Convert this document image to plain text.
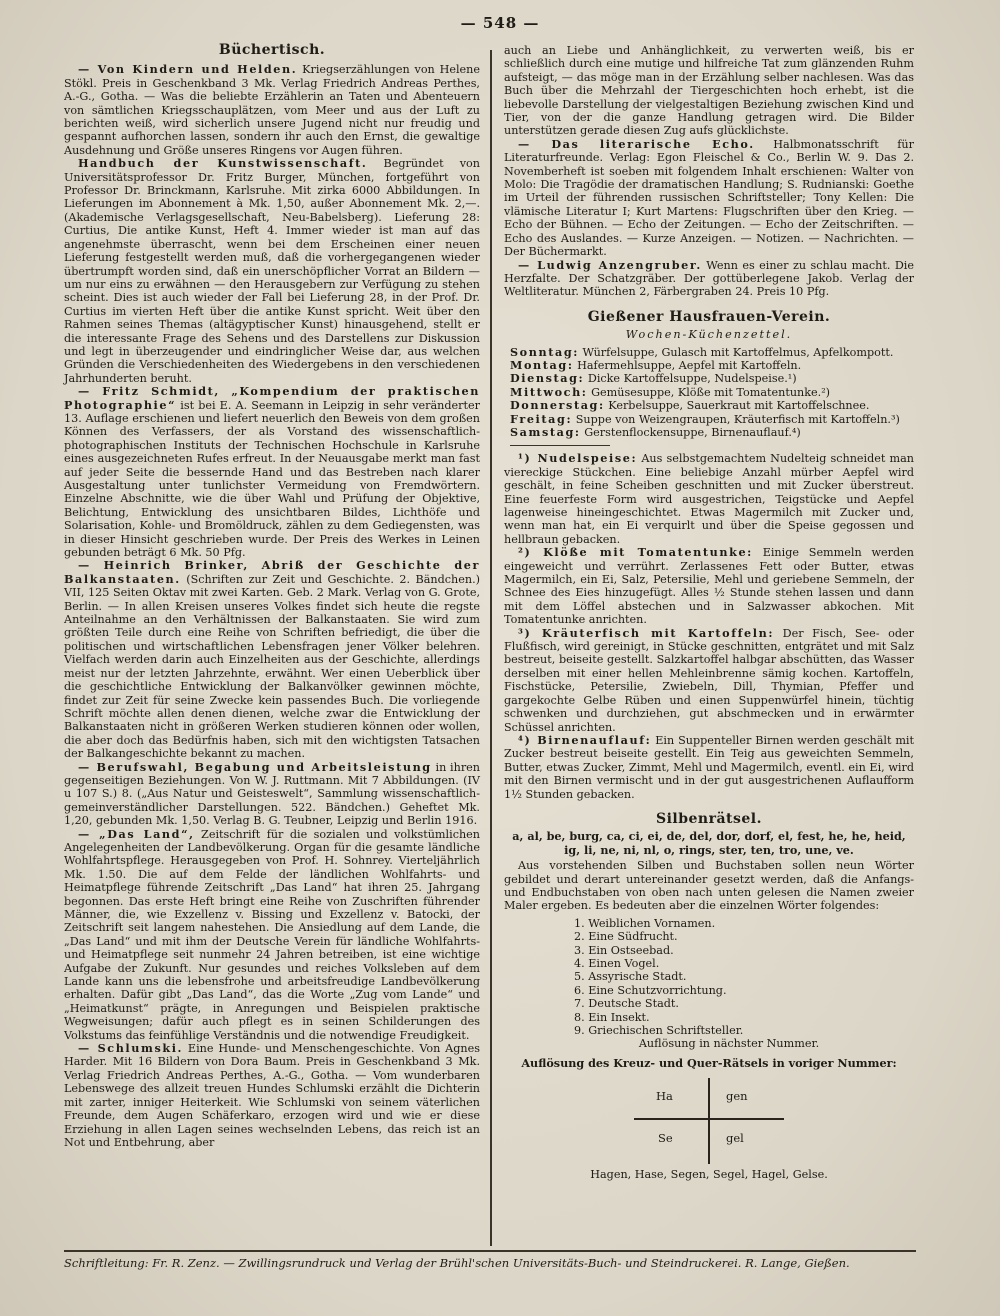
— 548 —
Büchertisch.

— Von Kindern und Helden. Kriegserzählungen von Helene Stökl. Preis in Geschenkband 3 Mk. Verlag Friedrich Andreas Perthes, A.-G., Gotha. — Was die beliebte Erzählerin an Taten und Abenteuern von sämtlichen Kriegsschauplätzen, vom Meer und aus der Luft zu berichten weiß, wird sicherlich unsere Jugend nicht nur freudig und gespannt aufhorchen lassen, sondern ihr auch den Ernst, die gewaltige Ausdehnung und Größe unseres Ringens vor Augen führen.

Handbuch der Kunstwissenschaft. Begründet von Universitätsprofessor Dr. Fritz Burger, München, fortgeführt von Professor Dr. Brinckmann, Karlsruhe. Mit zirka 6000 Abbildungen. In Lieferungen im Abonnement à Mk. 1,50, außer Abonnement Mk. 2,—. (Akademische Verlagsgesellschaft, Neu-Babelsberg). Lieferung 28: Curtius, Die antike Kunst, Heft 4. Immer wieder ist man auf das angenehmste überrascht, wenn bei dem Erscheinen einer neuen Lieferung festgestellt werden muß, daß die vorhergegangenen wieder übertrumpft worden sind, daß ein unerschöpflicher Vorrat an Bildern — um nur eins zu erwähnen — den Herausgebern zur Verfügung zu stehen scheint. Dies ist auch wieder der Fall bei Lieferung 28, in der Prof. Dr. Curtius im vierten Heft über die antike Kunst spricht. Weit über den Rahmen seines Themas (altägyptischer Kunst) hinausgehend, stellt er die interessante Frage des Sehens und des Darstellens zur Diskussion und legt in überzeugender und eindringlicher Weise dar, aus welchen Gründen die Verschiedenheiten des Wiedergebens in den verschiedenen Jahrhunderten beruht.

— Fritz Schmidt, „Kompendium der praktischen Photographie“ ist bei E. A. Seemann in Leipzig in sehr veränderter 13. Auflage erschienen und liefert neuerlich den Beweis von dem großen Können des Verfassers, der als Vorstand des wissenschaftlich-photographischen Instituts der Technischen Hochschule in Karlsruhe eines ausgezeichneten Rufes erfreut. In der Neuausgabe merkt man fast auf jeder Seite die bessernde Hand und das Bestreben nach klarer Ausgestaltung unter tunlichster Vermeidung von Fremdwörtern. Einzelne Abschnitte, wie die über Wahl und Prüfung der Objektive, Belichtung, Entwicklung des unsichtbaren Bildes, Lichthöfe und Solarisation, Kohle- und Bromöldruck, zählen zu dem Gediegensten, was in dieser Hinsicht geschrieben wurde. Der Preis des Werkes in Leinen gebunden beträgt 6 Mk. 50 Pfg.

— Heinrich Brinker, Abriß der Geschichte der Balkanstaaten. (Schriften zur Zeit und Geschichte. 2. Bändchen.) VII, 125 Seiten Oktav mit zwei Karten. Geb. 2 Mark. Verlag von G. Grote, Berlin. — In allen Kreisen unseres Volkes findet sich heute die regste Anteilnahme an den Verhältnissen der Balkanstaaten. Sie wird zum größten Teile durch eine Reihe von Schriften befriedigt, die über die politischen und wirtschaftlichen Lebensfragen jener Völker belehren. Vielfach werden darin auch Einzelheiten aus der Geschichte, allerdings meist nur der letzten Jahrzehnte, erwähnt. Wer einen Ueberblick über die geschichtliche Entwicklung der Balkanvölker gewinnen möchte, findet zur Zeit für seine Zwecke kein passendes Buch. Die vorliegende Schrift möchte allen denen dienen, welche zwar die Entwicklung der Balkanstaaten nicht in größeren Werken studieren können oder wollen, die aber doch das Bedürfnis haben, sich mit den wichtigsten Tatsachen der Balkangeschichte bekannt zu machen.

— Berufswahl, Begabung und Arbeitsleistung in ihren gegenseitigen Beziehungen. Von W. J. Ruttmann. Mit 7 Abbildungen. (IV u 107 S.) 8. („Aus Natur und Geisteswelt“, Sammlung wissenschaftlich-gemeinverständlicher Darstellungen. 522. Bändchen.) Geheftet Mk. 1,20, gebunden Mk. 1,50. Verlag B. G. Teubner, Leipzig und Berlin 1916.

— „Das Land“, Zeitschrift für die sozialen und volkstümlichen Angelegenheiten der Landbevölkerung. Organ für die gesamte ländliche Wohlfahrtspflege. Herausgegeben von Prof. H. Sohnrey. Vierteljährlich Mk. 1.50. Die auf dem Felde der ländlichen Wohlfahrts- und Heimatpflege führende Zeitschrift „Das Land“ hat ihren 25. Jahrgang begonnen. Das erste Heft bringt eine Reihe von Zuschriften führender Männer, die, wie Exzellenz v. Bissing und Exzellenz v. Batocki, der Zeitschrift seit langem nahestehen. Die Ansiedlung auf dem Lande, die „Das Land“ und mit ihm der Deutsche Verein für ländliche Wohlfahrts- und Heimatpflege seit nunmehr 24 Jahren betreiben, ist eine wichtige Aufgabe der Zukunft. Nur gesundes und reiches Volksleben auf dem Lande kann uns die lebensfrohe und arbeitsfreudige Landbevölkerung erhalten. Dafür gibt „Das Land“, das die Worte „Zug vom Lande“ und „Heimatkunst“ prägte, in Anregungen und Beispielen praktische Wegweisungen; dafür auch pflegt es in seinen Schilderungen des Volkstums das feinfühlige Verständnis und die notwendige Freudigkeit.

— Schlumski. Eine Hunde- und Menschengeschichte. Von Agnes Harder. Mit 16 Bildern von Dora Baum. Preis in Geschenkband 3 Mk. Verlag Friedrich Andreas Perthes, A.-G., Gotha. — Vom wunderbaren Lebenswege des allzeit treuen Hundes Schlumski erzählt die Dichterin mit zarter, inniger Heiterkeit. Wie Schlumski von seinem väterlichen Freunde, dem Augen Schäferkaro, erzogen wird und wie er diese Erziehung in allen Lagen seines wechselnden Lebens, das reich ist an Not und Entbehrung, aber

auch an Liebe und Anhänglichkeit, zu verwerten weiß, bis er schließlich durch eine mutige und hilfreiche Tat zum glänzenden Ruhm aufsteigt, — das möge man in der Erzählung selber nachlesen. Was das Buch über die Mehrzahl der Tiergeschichten hoch erhebt, ist die liebevolle Darstellung der vielgestaltigen Beziehung zwischen Kind und Tier, von der die ganze Handlung getragen wird. Die Bilder unterstützen gerade diesen Zug aufs glücklichste.

— Das literarische Echo. Halbmonatsschrift für Literaturfreunde. Verlag: Egon Fleischel & Co., Berlin W. 9. Das 2. Novemberheft ist soeben mit folgendem Inhalt erschienen: Walter von Molo: Die Tragödie der dramatischen Handlung; S. Rudnianski: Goethe im Urteil der führenden russischen Schriftsteller; Tony Kellen: Die vlämische Literatur I; Kurt Martens: Flugschriften über den Krieg. — Echo der Bühnen. — Echo der Zeitungen. — Echo der Zeitschriften. — Echo des Auslandes. — Kurze Anzeigen. — Notizen. — Nachrichten. — Der Büchermarkt.

— Ludwig Anzengruber. Wenn es einer zu schlau macht. Die Herzfalte. Der Schatzgräber. Der gottüberlegene Jakob. Verlag der Weltliteratur. München 2, Färbergraben 24. Preis 10 Pfg.

Gießener Hausfrauen-Verein.
Wochen-Küchenzettel.

Sonntag: Würfelsuppe, Gulasch mit Kartoffelmus, Apfelkompott.

Montag: Hafermehlsuppe, Aepfel mit Kartoffeln.

Dienstag: Dicke Kartoffelsuppe, Nudelspeise.¹)

Mittwoch: Gemüsesuppe, Klöße mit Tomatentunke.²)

Donnerstag: Kerbelsuppe, Sauerkraut mit Kartoffelschnee.

Freitag: Suppe von Weizengraupen, Kräuterfisch mit Kartoffeln.³)

Samstag: Gerstenflockensuppe, Birnenauflauf.⁴)

¹) Nudelspeise: Aus selbstgemachtem Nudelteig schneidet man viereckige Stückchen. Eine beliebige Anzahl mürber Aepfel wird geschält, in feine Scheiben geschnitten und mit Zucker überstreut. Eine feuerfeste Form wird ausgestrichen, Teigstücke und Aepfel lagenweise hineingeschichtet. Etwas Magermilch mit Zucker und, wenn man hat, ein Ei verquirlt und über die Speise gegossen und hellbraun gebacken.

²) Klöße mit Tomatentunke: Einige Semmeln werden eingeweicht und verrührt. Zerlassenes Fett oder Butter, etwas Magermilch, ein Ei, Salz, Petersilie, Mehl und geriebene Semmeln, der Schnee des Eies hinzugefügt. Alles ½ Stunde stehen lassen und dann mit dem Löffel abstechen und in Salzwasser abkochen. Mit Tomatentunke anrichten.

³) Kräuterfisch mit Kartoffeln: Der Fisch, See- oder Flußfisch, wird gereinigt, in Stücke geschnitten, entgrätet und mit Salz bestreut, beiseite gestellt. Salzkartoffel halbgar abschütten, das Wasser derselben mit einer hellen Mehleinbrenne sämig kochen. Kartoffeln, Fischstücke, Petersilie, Zwiebeln, Dill, Thymian, Pfeffer und gargekochte Gelbe Rüben und einen Suppenwürfel hinein, tüchtig schwenken und durchziehen, gut abschmecken und in erwärmter Schüssel anrichten.

⁴) Birnenauflauf: Ein Suppenteller Birnen werden geschält mit Zucker bestreut beiseite gestellt. Ein Teig aus geweichten Semmeln, Butter, etwas Zucker, Zimmt, Mehl und Magermilch, eventl. ein Ei, wird mit den Birnen vermischt und in der gut ausgestrichenen Auflaufform 1½ Stunden gebacken.

Silbenrätsel.
a, al, be, burg, ca, ci, ei, de, del, dor, dorf, el, fest, he, he, heid, ig, li, ne, ni, nl, o, rings, ster, ten, tro, une, ve.

Aus vorstehenden Silben und Buchstaben sollen neun Wörter gebildet und derart untereinander gesetzt werden, daß die Anfangs- und Endbuchstaben von oben nach unten gelesen die Namen zweier Maler ergeben. Es bedeuten aber die einzelnen Wörter folgendes:

1. Weiblichen Vornamen.
2. Eine Südfrucht.
3. Ein Ostseebad.
4. Einen Vogel.
5. Assyrische Stadt.
6. Eine Schutzvorrichtung.
7. Deutsche Stadt.
8. Ein Insekt.
9. Griechischen Schriftsteller.
Auflösung in nächster Nummer.
Auflösung des Kreuz- und Quer-Rätsels in voriger Nummer:
Ha	gen
Se	gel
Hagen, Hase, Segen, Segel, Hagel, Gelse.
Schriftleitung: Fr. R. Zenz. — Zwillingsrundruck und Verlag der Brühl'schen Universitäts-Buch- und Steindruckerei. R. Lange, Gießen.
